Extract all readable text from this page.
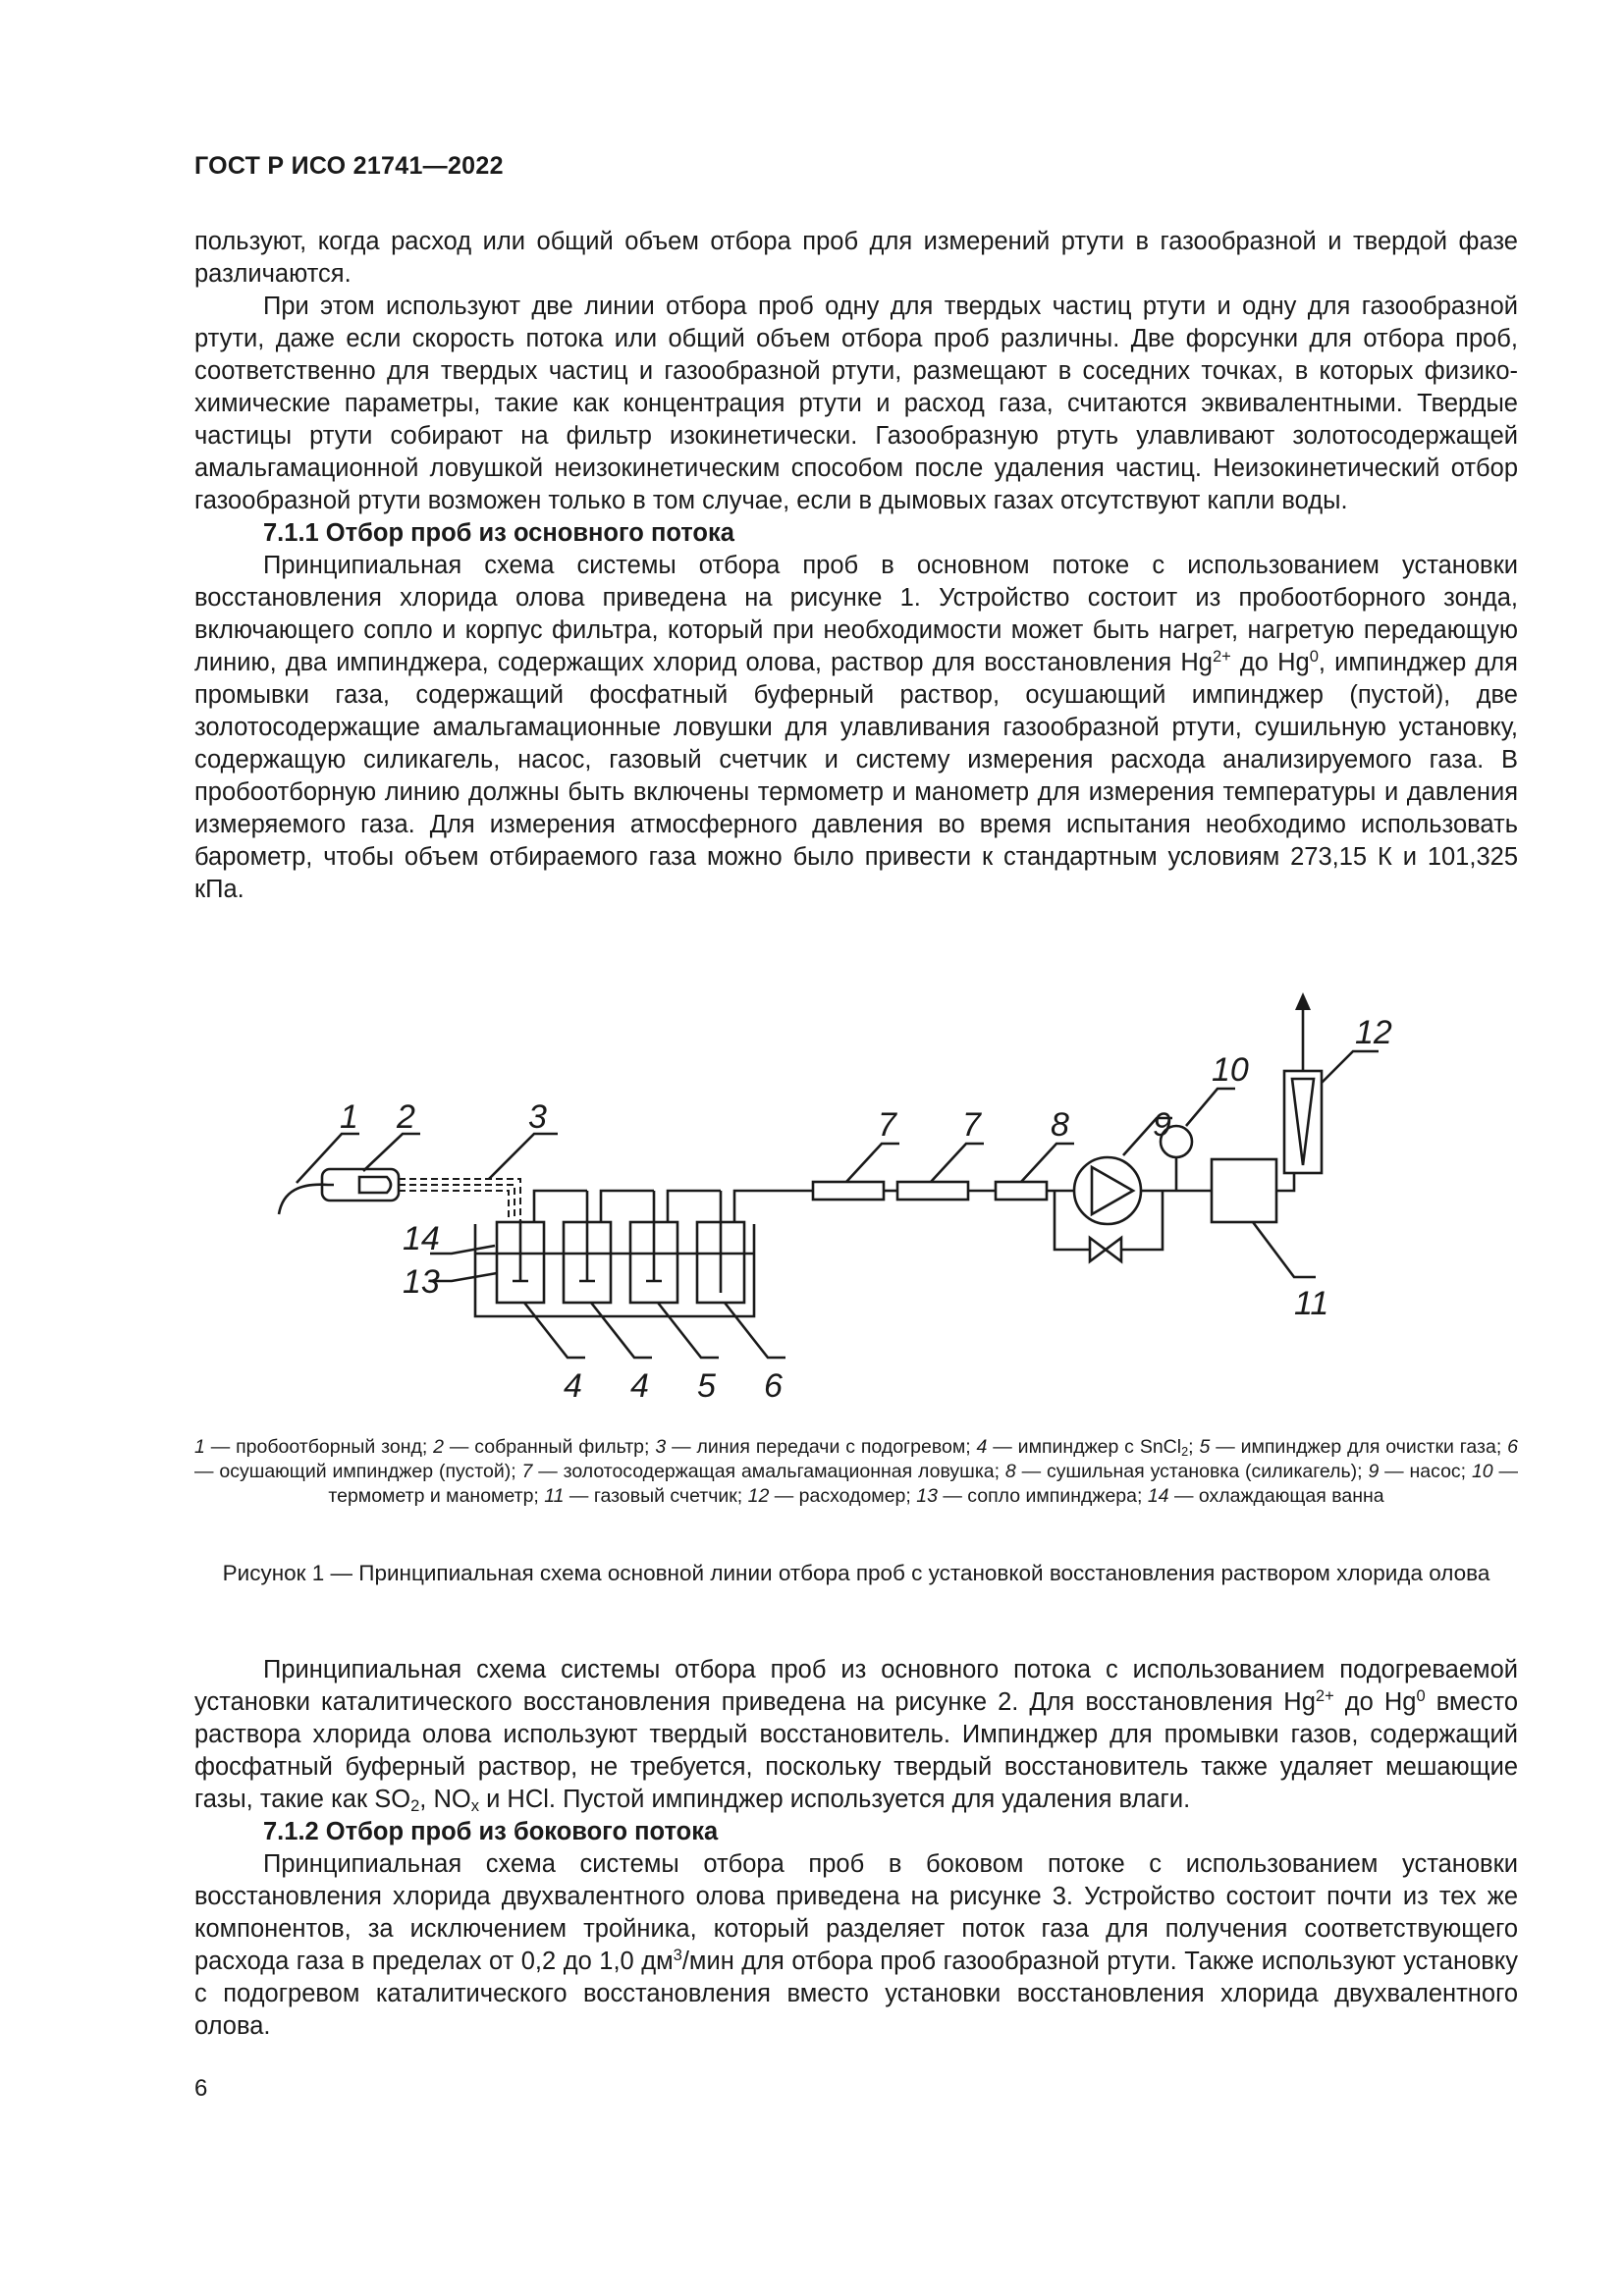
ГОСТ Р ИСО 21741—2022

пользуют, когда расход или общий объем отбора проб для измерений ртути в газообразной и твердой фазе различаются.

При этом используют две линии отбора проб одну для твердых частиц ртути и одну для газообразной ртути, даже если скорость потока или общий объем отбора проб различны. Две форсунки для отбора проб, соответственно для твердых частиц и газообразной ртути, размещают в соседних точках, в которых физико-химические параметры, такие как концентрация ртути и расход газа, считаются эквивалентными. Твердые частицы ртути собирают на фильтр изокинетически. Газообразную ртуть улавливают золотосодержащей амальгамационной ловушкой неизокинетическим способом после удаления частиц. Неизокинетический отбор газообразной ртути возможен только в том случае, если в дымовых газах отсутствуют капли воды.

7.1.1 Отбор проб из основного потока

Принципиальная схема системы отбора проб в основном потоке с использованием установки восстановления хлорида олова приведена на рисунке 1. Устройство состоит из пробоотборного зонда, включающего сопло и корпус фильтра, который при необходимости может быть нагрет, нагретую передающую линию, два импинджера, содержащих хлорид олова, раствор для восстановления $Hg^{2+}$ до Hg$^0$, импинджер для промывки газа, содержащий фосфатный буферный раствор, осушающий импинджер (пустой), две золотосодержащие амальгамационные ловушки для улавливания газообразной ртути, сушильную установку, содержащую силикагель, насос, газовый счетчик и систему измерения расхода анализируемого газа. В пробоотборную линию должны быть включены термометр и манометр для измерения температуры и давления измеряемого газа. Для измерения атмосферного давления во время испытания необходимо использовать барометр, чтобы объем отбираемого газа можно было привести к стандартным условиям 273,15 К и 101,325 кПа.

1 2	3	7 7 8	9
10
12
14
13
4 4 5 6
11
1 — пробоотборный зонд; 2 — собранный фильтр; 3 — линия передачи с подогревом; 4 — импинджер с SnCl$_2$; 5 — импинджер для очистки газа; 6 — осушающий импинджер (пустой); 7 — золотосодержащая амальгамационная ловушка; 8 — сушильная установка (силикагель); 9 — насос; 10 — термометр и манометр; 11 — газовый счетчик; 12 — расходомер; 13 — сопло импинджера; 14 — охлаждающая ванна
Рисунок 1 — Принципиальная схема основной линии отбора проб с установкой восстановления раствором хлорида олова

Принципиальная схема системы отбора проб из основного потока с использованием подогреваемой установки каталитического восстановления приведена на рисунке 2. Для восстановления $Hg^{2+}$ до Hg$^0$ вместо раствора хлорида олова используют твердый восстановитель. Импинджер для промывки газов, содержащий фосфатный буферный раствор, не требуется, поскольку твердый восстановитель также удаляет мешающие газы, такие как $SO_2$, $NO_x$ и HCl. Пустой импинджер используется для удаления влаги.

7.1.2 Отбор проб из бокового потока

Принципиальная схема системы отбора проб в боковом потоке с использованием установки восстановления хлорида двухвалентного олова приведена на рисунке 3. Устройство состоит почти из тех же компонентов, за исключением тройника, который разделяет поток газа для получения соответствующего расхода газа в пределах от 0,2 до 1,0 $дм^3$/мин для отбора проб газообразной ртути. Также используют установку с подогревом каталитического восстановления вместо установки восстановления хлорида двухвалентного олова.

6
